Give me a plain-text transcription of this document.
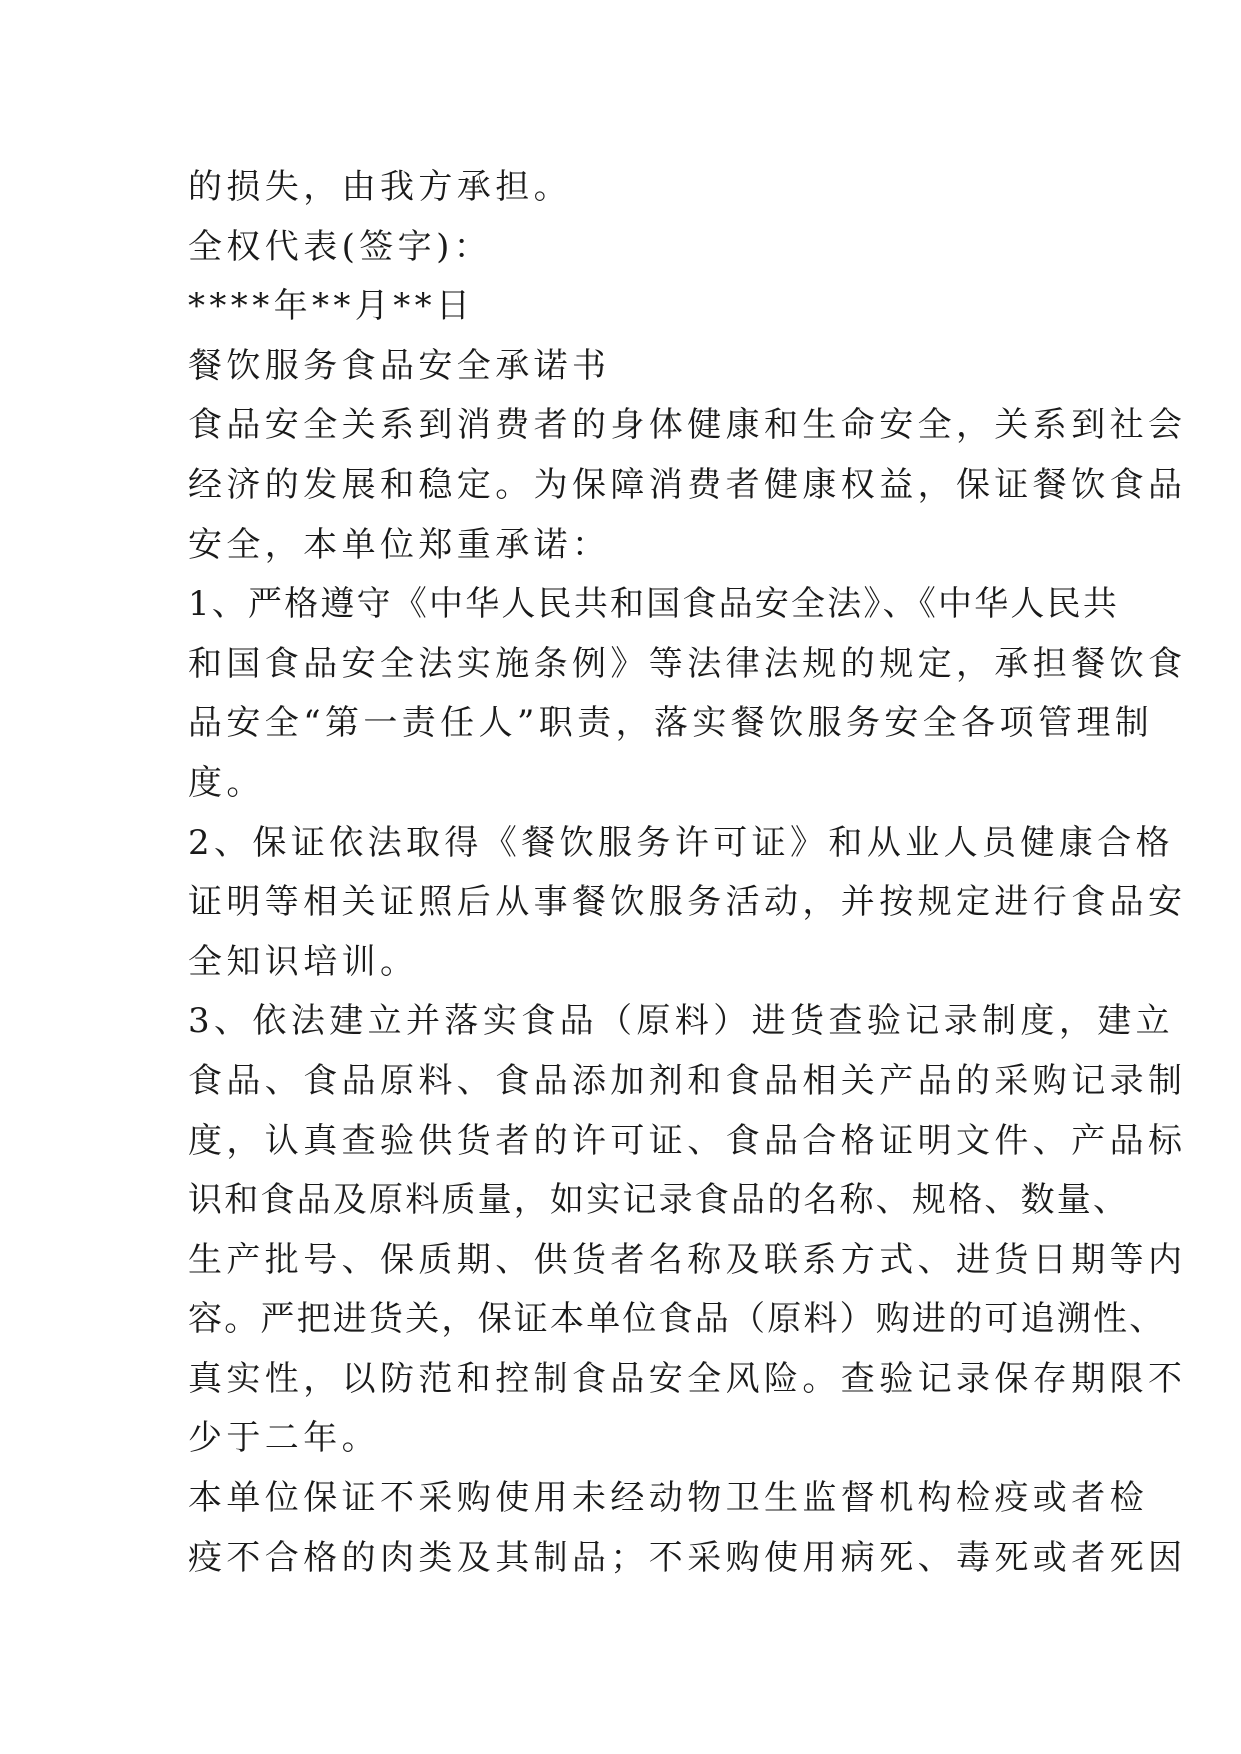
的损失，由我方承担。
全权代表(签字)：
****年**月**日
餐饮服务食品安全承诺书
食品安全关系到消费者的身体健康和生命安全，关系到社会
经济的发展和稳定。为保障消费者健康权益，保证餐饮食品
安全，本单位郑重承诺：
1、严格遵守《中华人民共和国食品安全法》、《中华人民共
和国食品安全法实施条例》等法律法规的规定，承担餐饮食
品安全“第一责任人”职责，落实餐饮服务安全各项管理制
度。
2、保证依法取得《餐饮服务许可证》和从业人员健康合格
证明等相关证照后从事餐饮服务活动，并按规定进行食品安
全知识培训。
3、依法建立并落实食品（原料）进货查验记录制度，建立
食品、食品原料、食品添加剂和食品相关产品的采购记录制
度，认真查验供货者的许可证、食品合格证明文件、产品标
识和食品及原料质量，如实记录食品的名称、规格、数量、
生产批号、保质期、供货者名称及联系方式、进货日期等内
容。严把进货关，保证本单位食品（原料）购进的可追溯性、
真实性，以防范和控制食品安全风险。查验记录保存期限不
少于二年。
本单位保证不采购使用未经动物卫生监督机构检疫或者检
疫不合格的肉类及其制品；不采购使用病死、毒死或者死因
